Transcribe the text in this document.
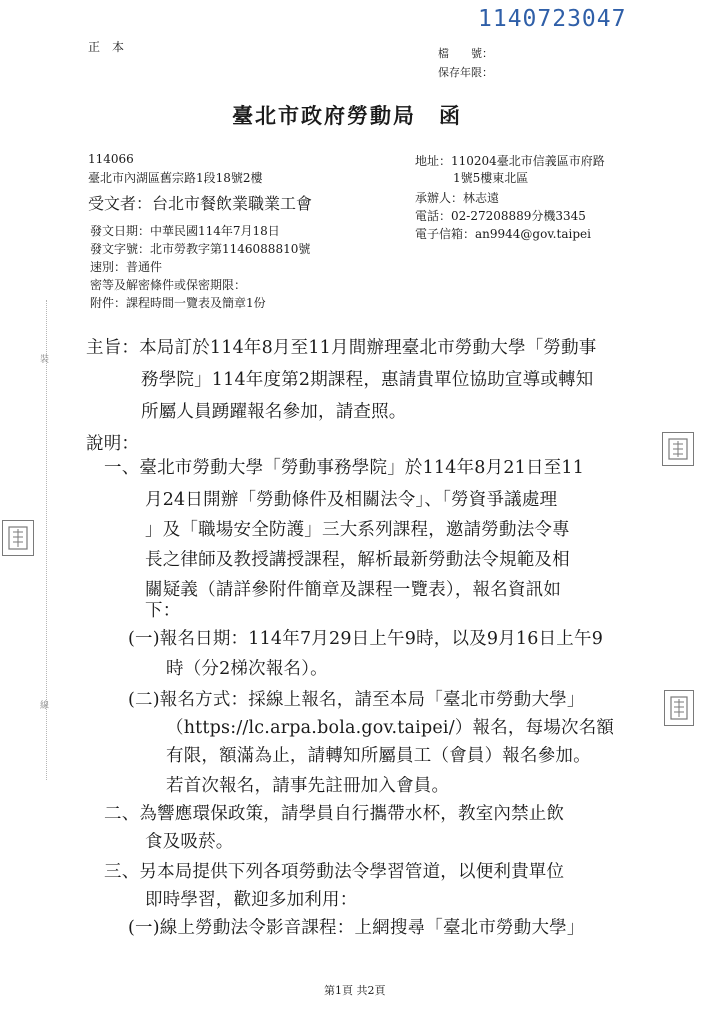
正　本
1140723047
檔　　號：
保存年限：
臺北市政府勞動局　函
114066
臺北市內湖區舊宗路1段18號2樓
受文者：台北市餐飲業職業工會
地址：110204臺北市信義區市府路
1號5樓東北區
承辦人：林志遠
電話：02-27208889分機3345
電子信箱：an9944@gov.taipei
發文日期：中華民國114年7月18日
發文字號：北市勞教字第1146088810號
速別：普通件
密等及解密條件或保密期限：
附件：課程時間一覽表及簡章1份
主旨：本局訂於114年8月至11月間辦理臺北市勞動大學「勞動事
務學院」114年度第2期課程，惠請貴單位協助宣導或轉知
所屬人員踴躍報名參加，請查照。
說明：
一、臺北市勞動大學「勞動事務學院」於114年8月21日至11
月24日開辦「勞動條件及相關法令」、「勞資爭議處理
」及「職場安全防護」三大系列課程，邀請勞動法令專
長之律師及教授講授課程，解析最新勞動法令規範及相
關疑義（請詳參附件簡章及課程一覽表），報名資訊如
下：
(一)報名日期：114年7月29日上午9時，以及9月16日上午9
時（分2梯次報名）。
(二)報名方式：採線上報名，請至本局「臺北市勞動大學」
（https://lc.arpa.bola.gov.taipei/）報名，每場次名額
有限，額滿為止，請轉知所屬員工（會員）報名參加。
若首次報名，請事先註冊加入會員。
二、為響應環保政策，請學員自行攜帶水杯，教室內禁止飲
食及吸菸。
三、另本局提供下列各項勞動法令學習管道，以便利貴單位
即時學習，歡迎多加利用：
(一)線上勞動法令影音課程：上網搜尋「臺北市勞動大學」
第1頁 共2頁
裝
線
